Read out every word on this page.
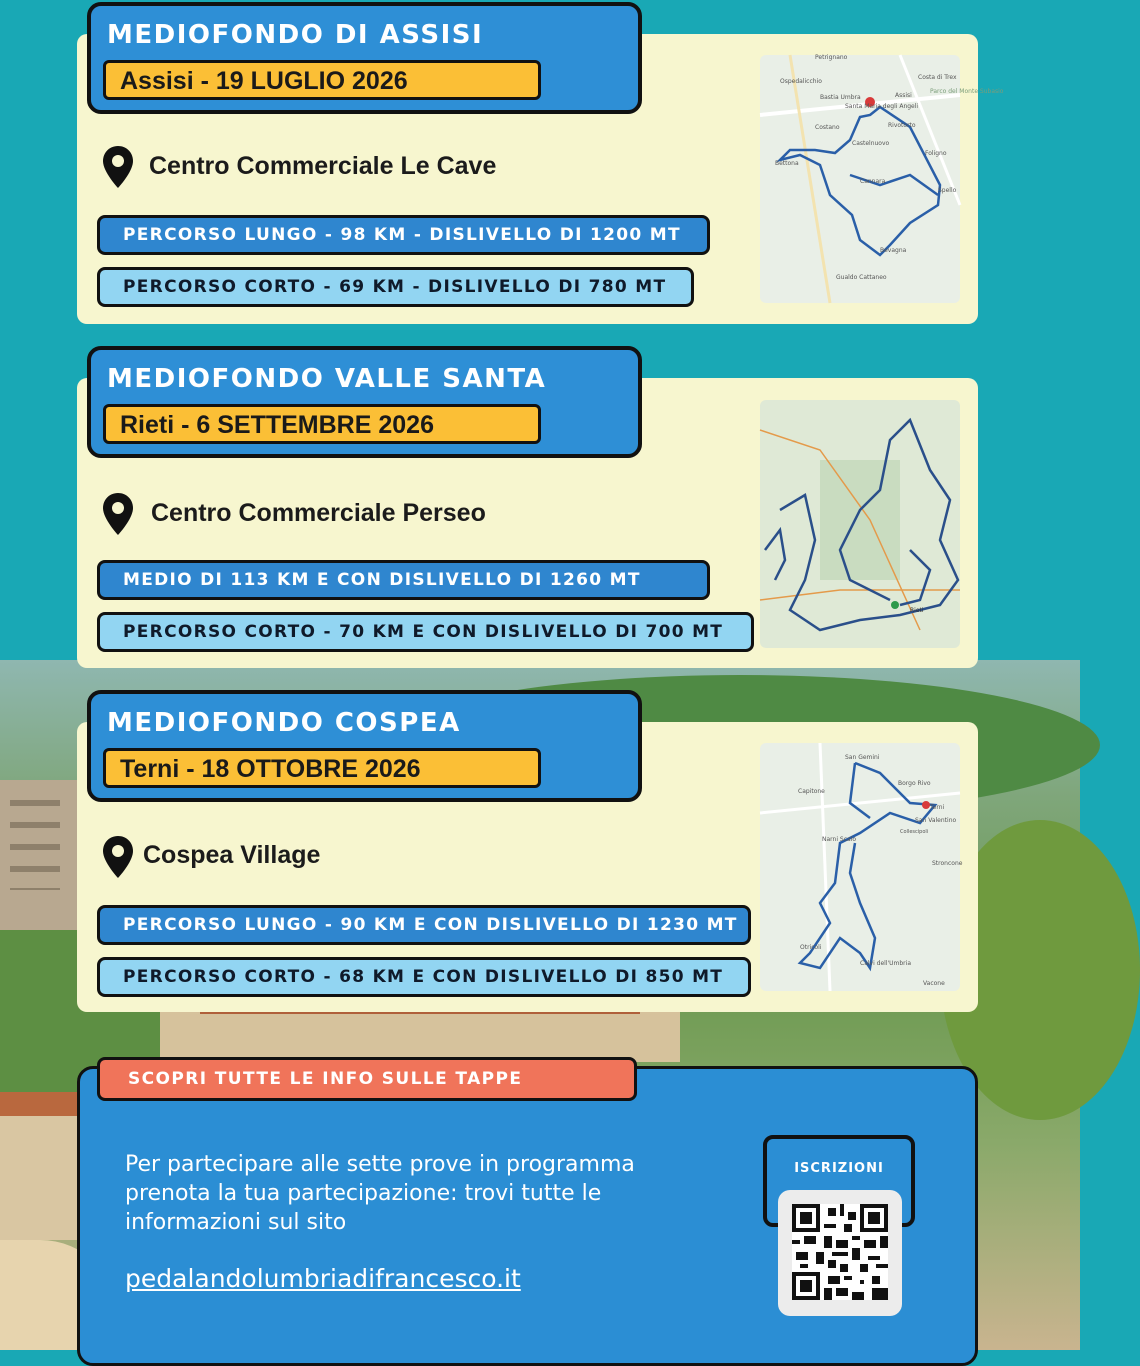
MEDIOFONDO DI ASSISI
Assisi - 19 LUGLIO 2026
Centro Commerciale Le Cave
PERCORSO LUNGO - 98 KM - DISLIVELLO DI 1200 MT
PERCORSO CORTO - 69 KM - DISLIVELLO DI 780 MT
Petrignano
Ospedalicchio
Bastia Umbra
Santa Maria degli Angeli
Assisi
Costano	Rivotorto
Castelnuovo
Bettona
Cannara
Spello
Bevagna
Gualdo Cattaneo
Foligno
Costa di Trex
Parco del Monte Subasio
MEDIOFONDO VALLE SANTA
Rieti - 6 SETTEMBRE 2026
Centro Commerciale Perseo
MEDIO DI 113 KM E CON DISLIVELLO DI 1260 MT
PERCORSO CORTO - 70 KM E CON DISLIVELLO DI 700 MT
Rieti
MEDIOFONDO COSPEA
Terni - 18 OTTOBRE 2026
Cospea Village
PERCORSO LUNGO - 90 KM E CON DISLIVELLO DI 1230 MT
PERCORSO CORTO - 68 KM E CON DISLIVELLO DI 850 MT
San Gemini
Capitone
Borgo Rivo
Terni
San Valentino
Collescipoli
Narni Scalo
Stroncone
Otricoli
Calvi dell'Umbria
Vacone
SCOPRI TUTTE LE INFO SULLE TAPPE
Per partecipare alle sette prove in programma prenota la tua partecipazione: trovi tutte le informazioni sul sito
pedalandolumbriadifrancesco.it
ISCRIZIONI
